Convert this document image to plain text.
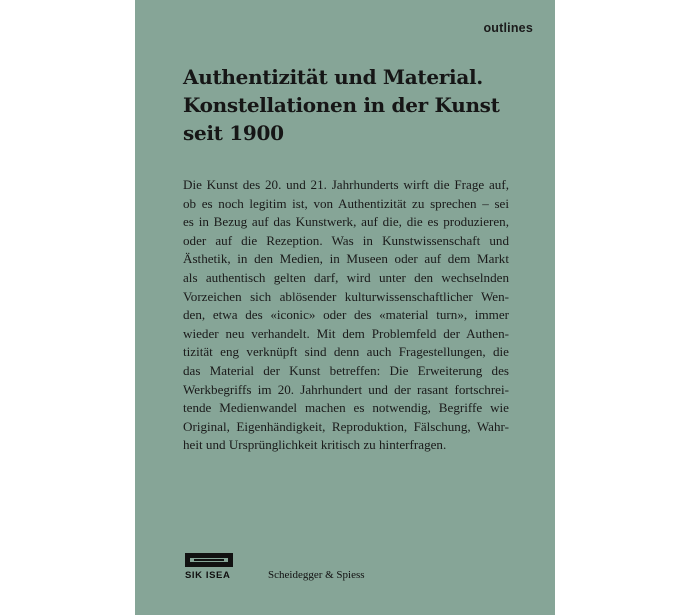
outlines
Authentizität und Material.
Konstellationen in der Kunst
seit 1900
Die Kunst des 20. und 21. Jahrhunderts wirft die Frage auf,
ob es noch legitim ist, von Authentizität zu sprechen – sei
es in Bezug auf das Kunstwerk, auf die, die es produzieren,
oder auf die Rezeption. Was in Kunstwissenschaft und
Ästhetik, in den Medien, in Museen oder auf dem Markt
als authentisch gelten darf, wird unter den wechselnden
Vorzeichen sich ablösender kulturwissenschaftlicher Wen-
den, etwa des «iconic» oder des «material turn», immer
wieder neu verhandelt. Mit dem Problemfeld der Authen-
tizität eng verknüpft sind denn auch Fragestellungen, die
das Material der Kunst betreffen: Die Erweiterung des
Werkbegriffs im 20. Jahrhundert und der rasant fortschrei-
tende Medienwandel machen es notwendig, Begriffe wie
Original, Eigenhändigkeit, Reproduktion, Fälschung, Wahr-
heit und Ursprünglichkeit kritisch zu hinterfragen.
SIK ISEA	Scheidegger & Spiess
